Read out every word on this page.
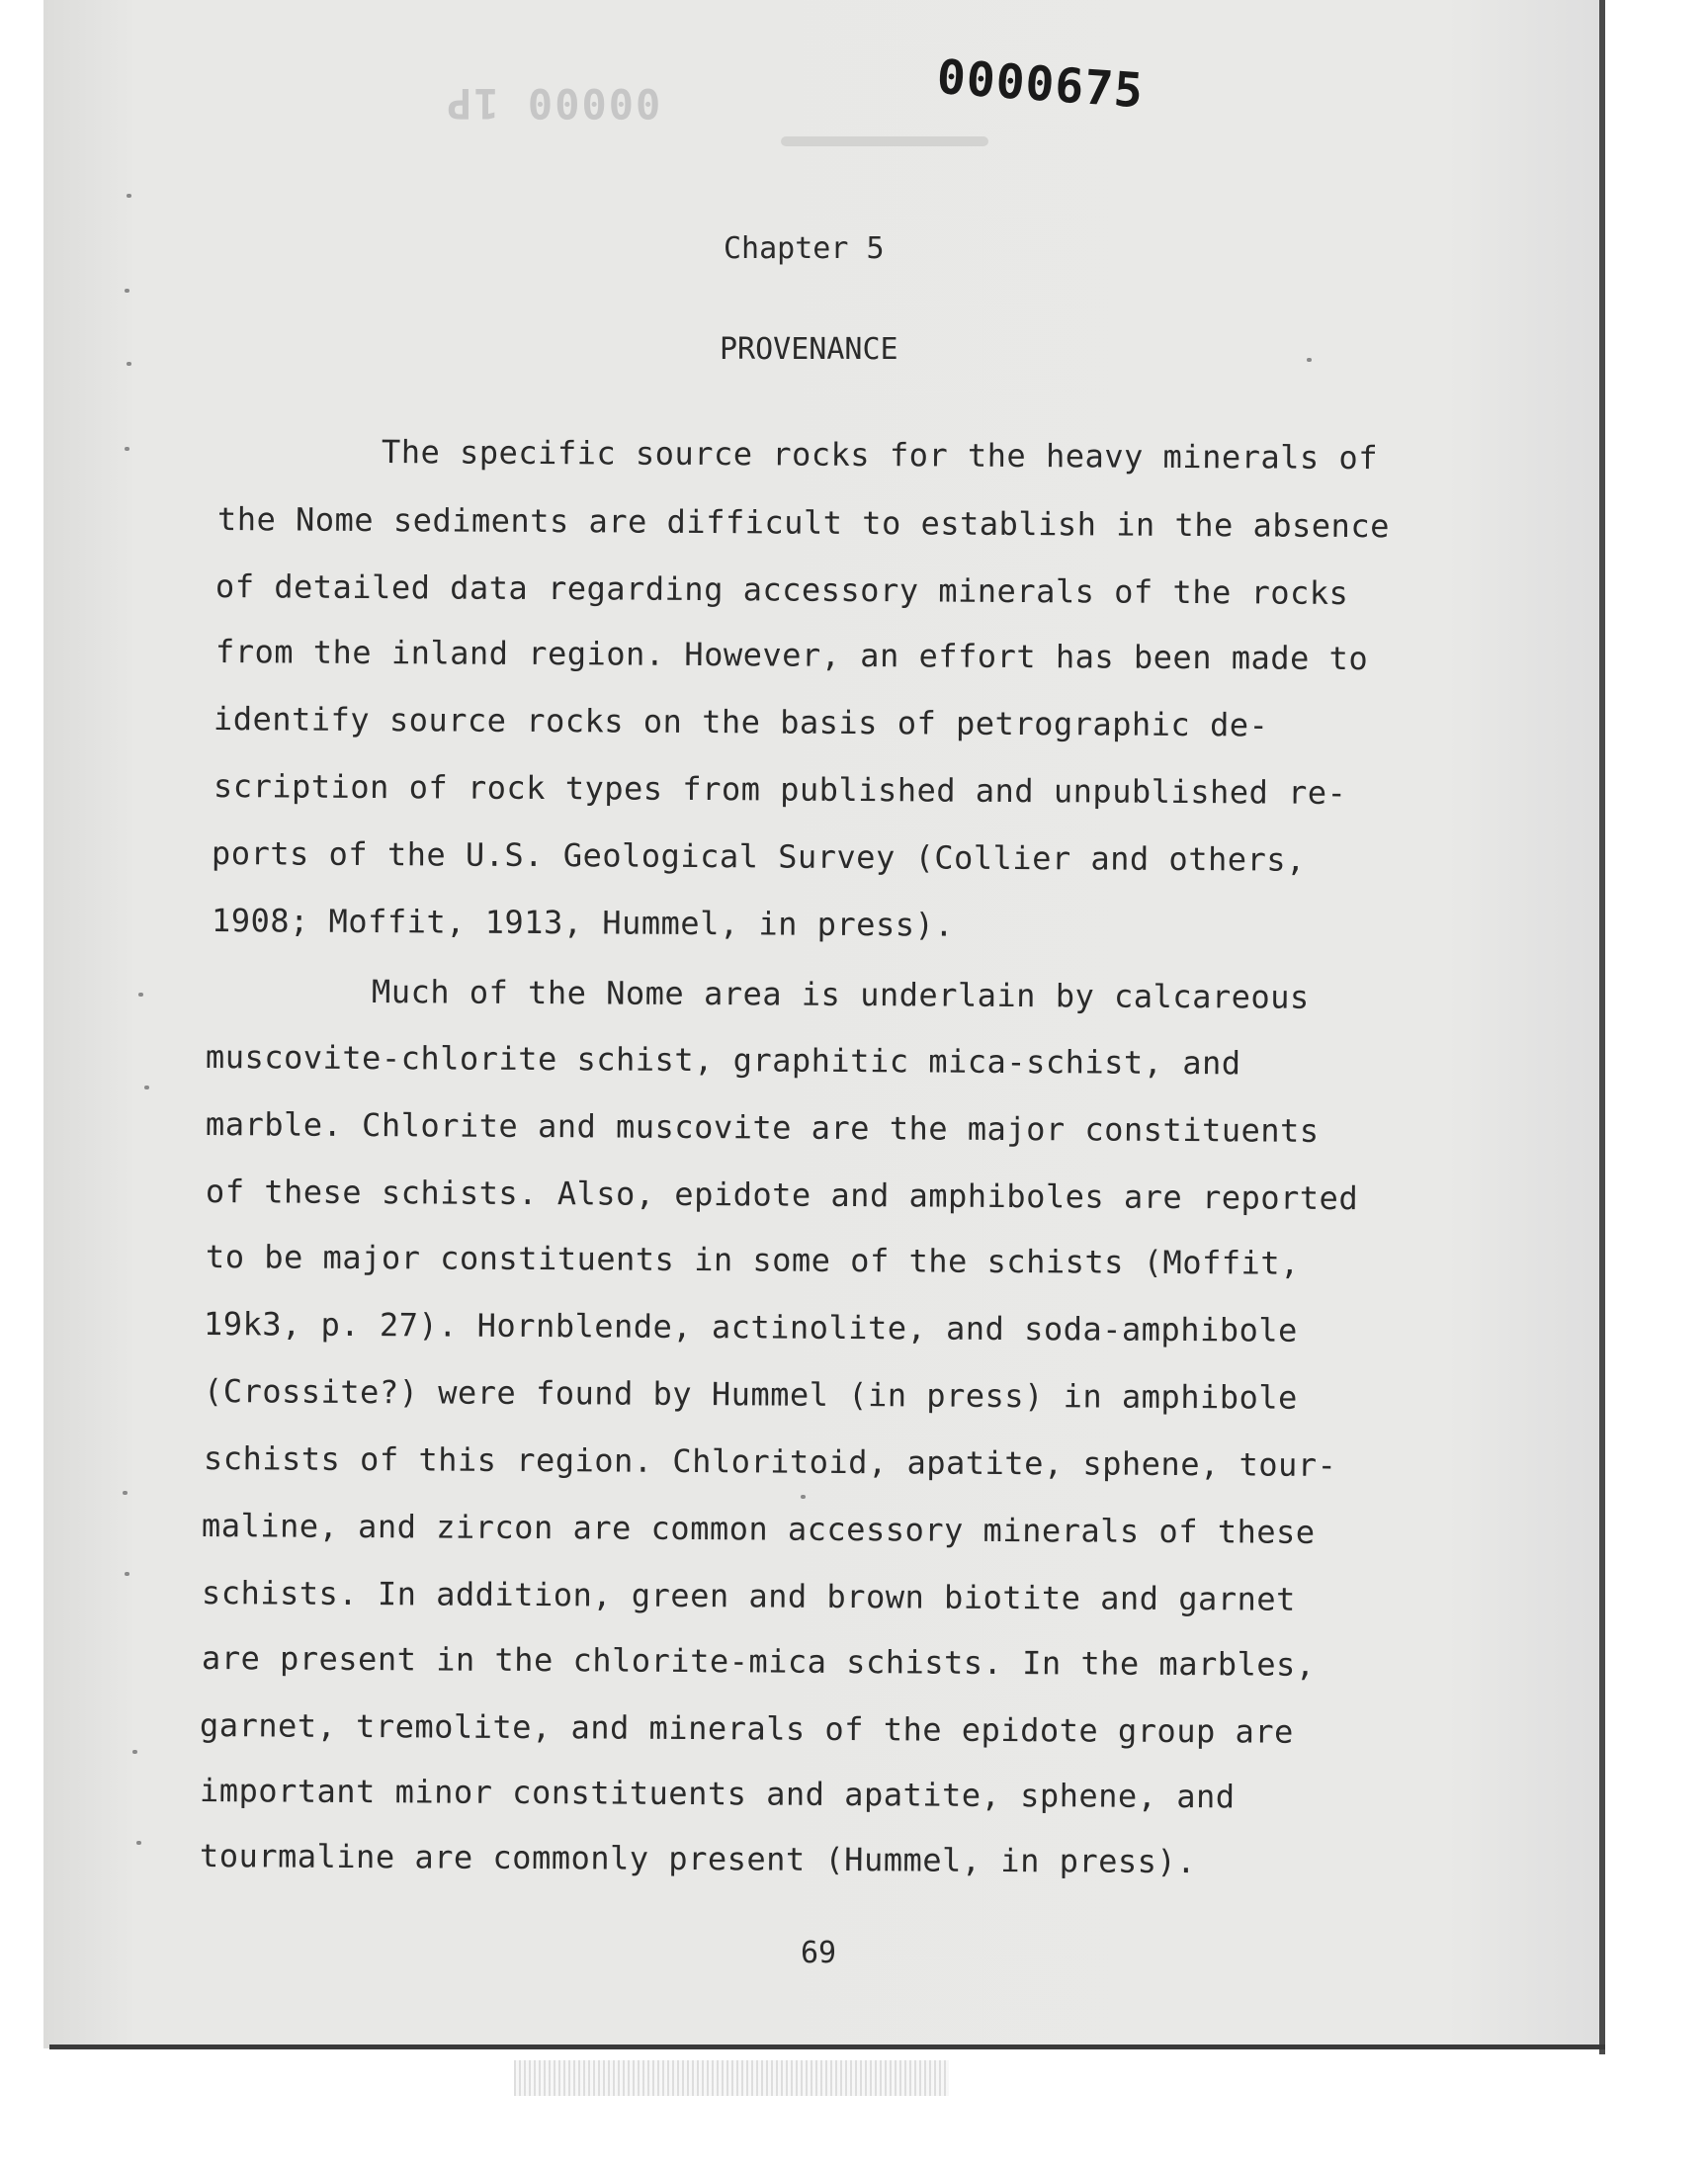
00000 1P	0000675
Chapter 5
PROVENANCE
The specific source rocks for the heavy minerals of
the Nome sediments are difficult to establish in the absence
of detailed data regarding accessory minerals of the rocks
from the inland region. However, an effort has been made to
identify source rocks on the basis of petrographic de-
scription of rock types from published and unpublished re-
ports of the U.S. Geological Survey (Collier and others,
1908; Moffit, 1913, Hummel, in press).
Much of the Nome area is underlain by calcareous
muscovite-chlorite schist, graphitic mica-schist, and
marble. Chlorite and muscovite are the major constituents
of these schists. Also, epidote and amphiboles are reported
to be major constituents in some of the schists (Moffit,
19k3, p. 27). Hornblende, actinolite, and soda-amphibole
(Crossite?) were found by Hummel (in press) in amphibole
schists of this region. Chloritoid, apatite, sphene, tour-
maline, and zircon are common accessory minerals of these
schists. In addition, green and brown biotite and garnet
are present in the chlorite-mica schists. In the marbles,
garnet, tremolite, and minerals of the epidote group are
important minor constituents and apatite, sphene, and
tourmaline are commonly present (Hummel, in press).
69
